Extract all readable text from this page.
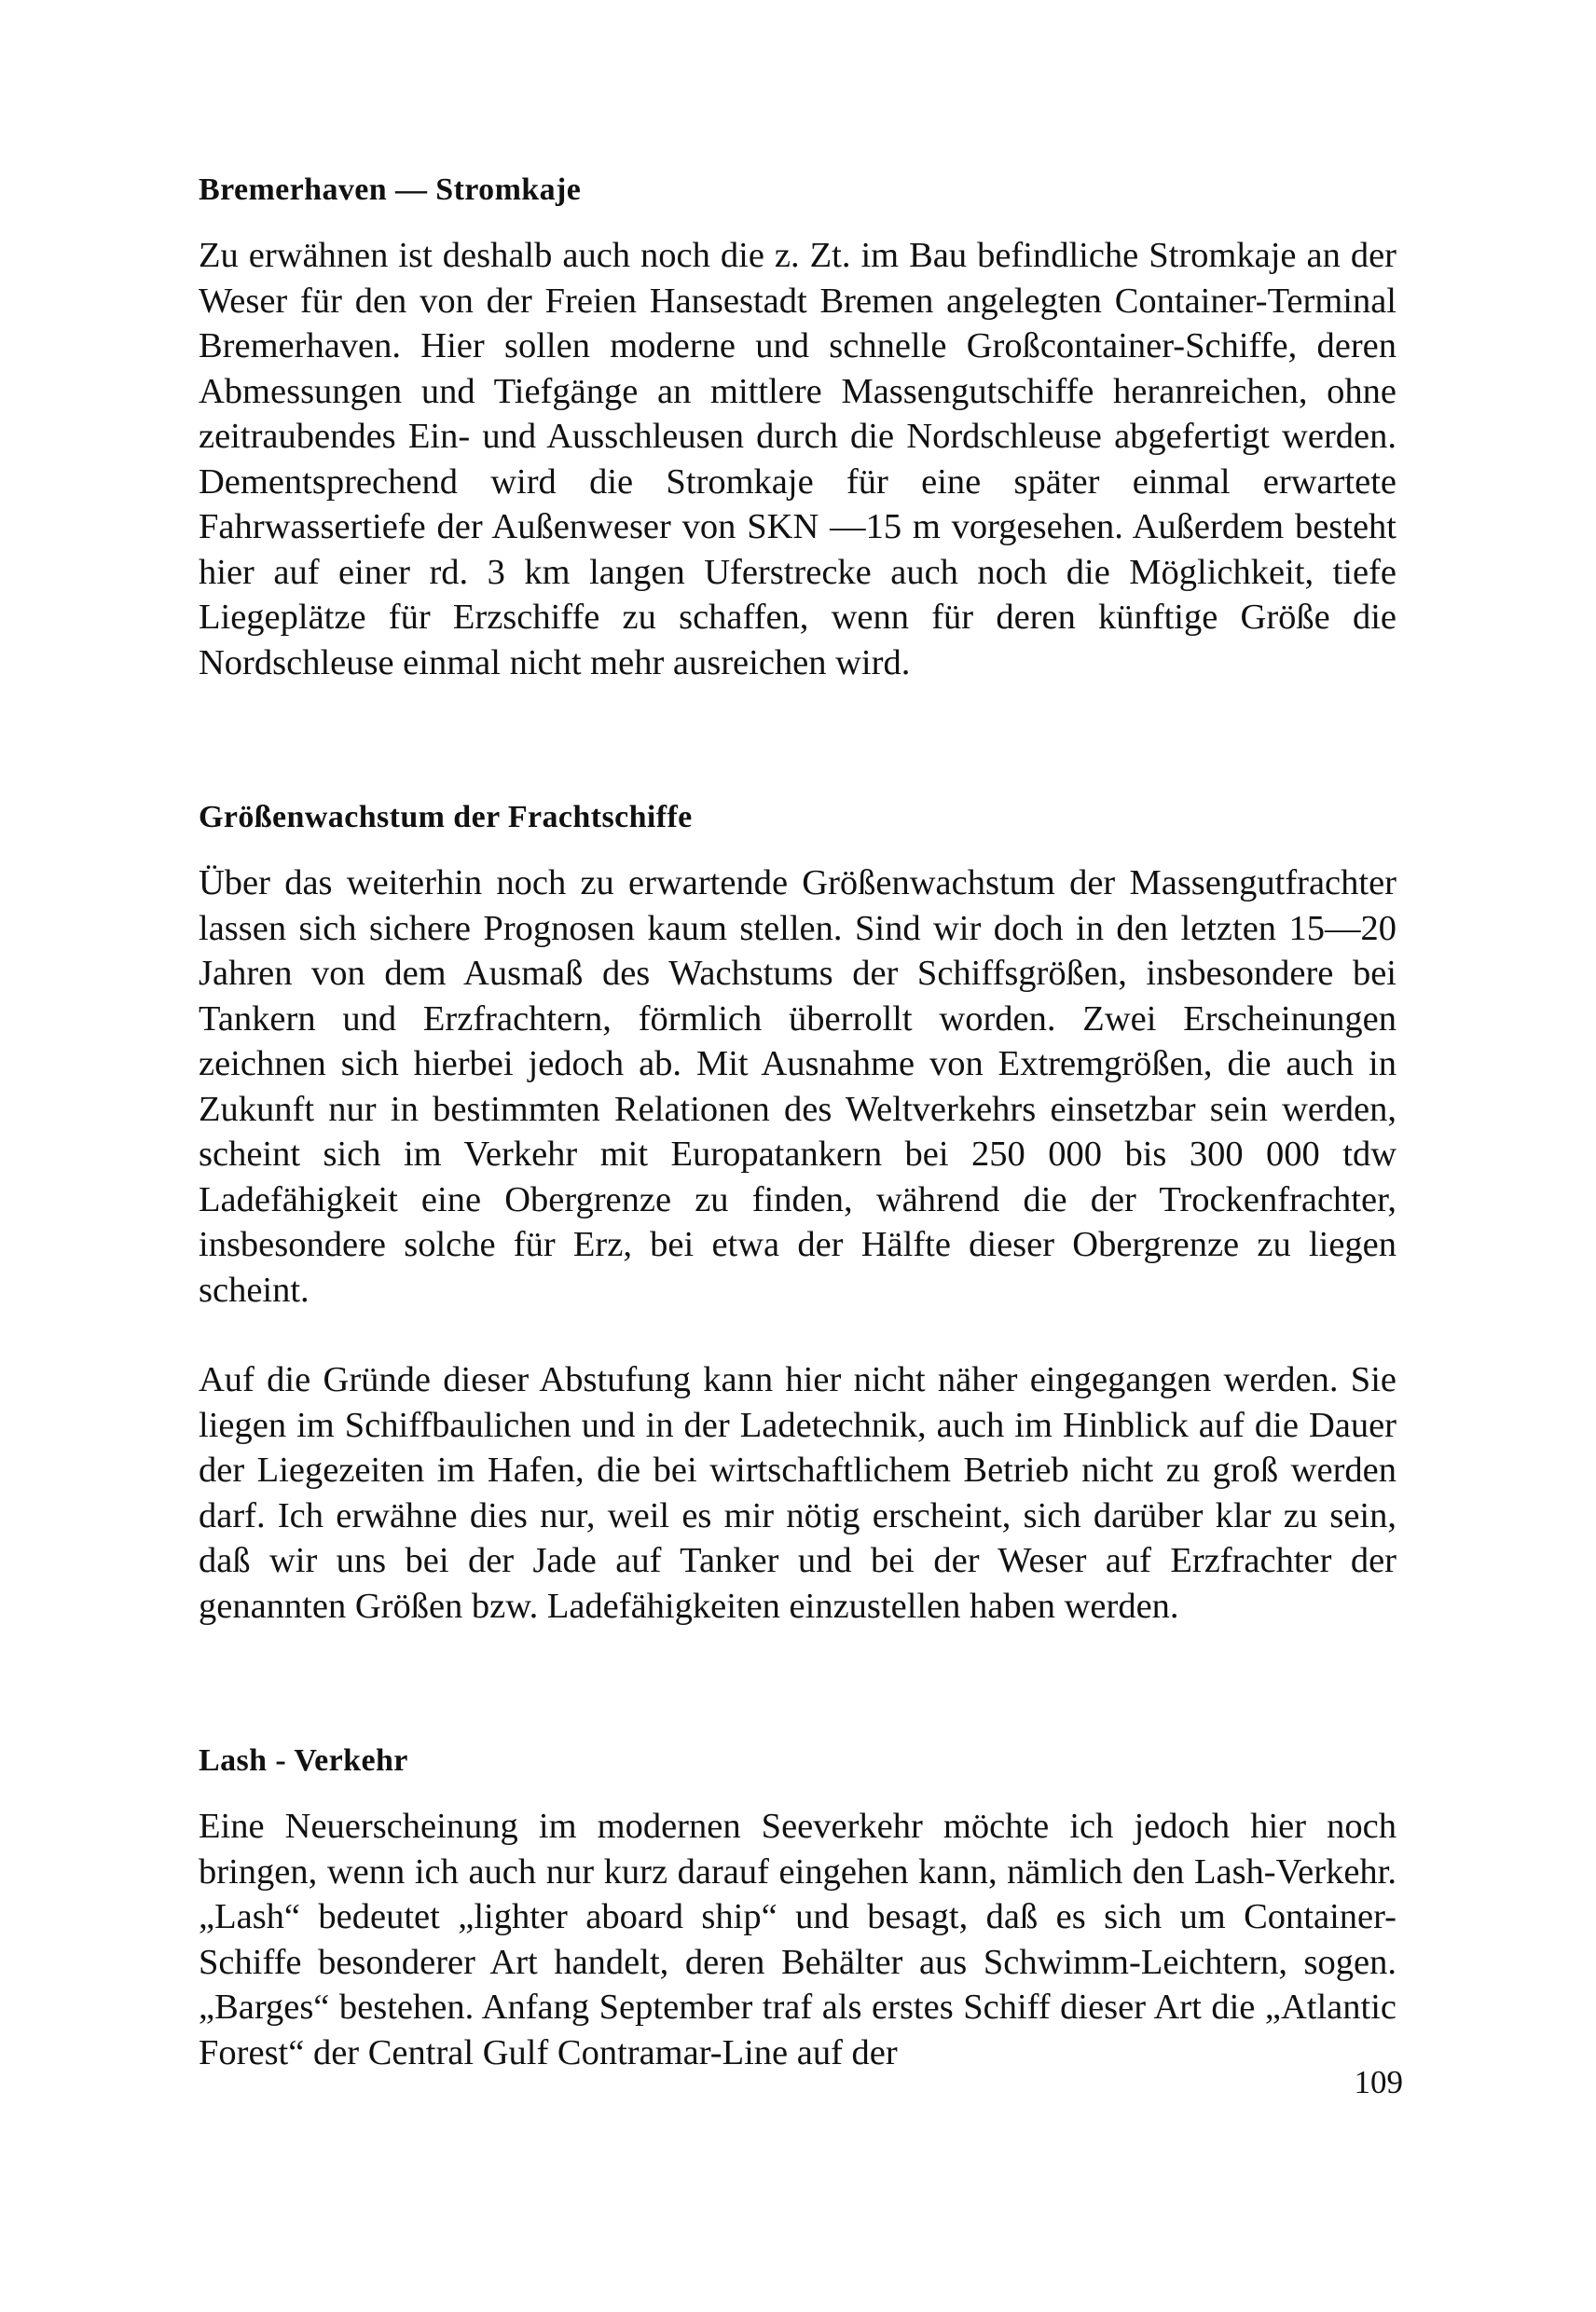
Bremerhaven — Stromkaje

Zu erwähnen ist deshalb auch noch die z. Zt. im Bau befindliche Stromkaje an der Weser für den von der Freien Hansestadt Bremen angelegten Container-Terminal Bremerhaven. Hier sollen moderne und schnelle Großcontainer-Schiffe, deren Abmessungen und Tiefgänge an mittlere Massengutschiffe heranreichen, ohne zeitraubendes Ein- und Ausschleusen durch die Nordschleuse abgefertigt werden. Dementsprechend wird die Stromkaje für eine später einmal erwartete Fahrwassertiefe der Außenweser von SKN —15 m vorgesehen. Außerdem besteht hier auf einer rd. 3 km langen Uferstrecke auch noch die Möglichkeit, tiefe Liegeplätze für Erzschiffe zu schaffen, wenn für deren künftige Größe die Nordschleuse einmal nicht mehr ausreichen wird.

Größenwachstum der Frachtschiffe

Über das weiterhin noch zu erwartende Größenwachstum der Massengutfrachter lassen sich sichere Prognosen kaum stellen. Sind wir doch in den letzten 15—20 Jahren von dem Ausmaß des Wachstums der Schiffsgrößen, insbesondere bei Tankern und Erzfrachtern, förmlich überrollt worden. Zwei Erscheinungen zeichnen sich hierbei jedoch ab. Mit Ausnahme von Extremgrößen, die auch in Zukunft nur in bestimmten Relationen des Weltverkehrs einsetzbar sein werden, scheint sich im Verkehr mit Europatankern bei 250 000 bis 300 000 tdw Ladefähigkeit eine Obergrenze zu finden, während die der Trockenfrachter, insbesondere solche für Erz, bei etwa der Hälfte dieser Obergrenze zu liegen scheint.

Auf die Gründe dieser Abstufung kann hier nicht näher eingegangen werden. Sie liegen im Schiffbaulichen und in der Ladetechnik, auch im Hinblick auf die Dauer der Liegezeiten im Hafen, die bei wirtschaftlichem Betrieb nicht zu groß werden darf. Ich erwähne dies nur, weil es mir nötig erscheint, sich darüber klar zu sein, daß wir uns bei der Jade auf Tanker und bei der Weser auf Erzfrachter der genannten Größen bzw. Ladefähigkeiten einzustellen haben werden.

Lash - Verkehr

Eine Neuerscheinung im modernen Seeverkehr möchte ich jedoch hier noch bringen, wenn ich auch nur kurz darauf eingehen kann, nämlich den Lash-Verkehr. „Lash“ bedeutet „lighter aboard ship“ und besagt, daß es sich um Container-Schiffe besonderer Art handelt, deren Behälter aus Schwimm-Leichtern, sogen. „Barges“ bestehen. Anfang September traf als erstes Schiff dieser Art die „Atlantic Forest“ der Central Gulf Contramar-Line auf der

109
